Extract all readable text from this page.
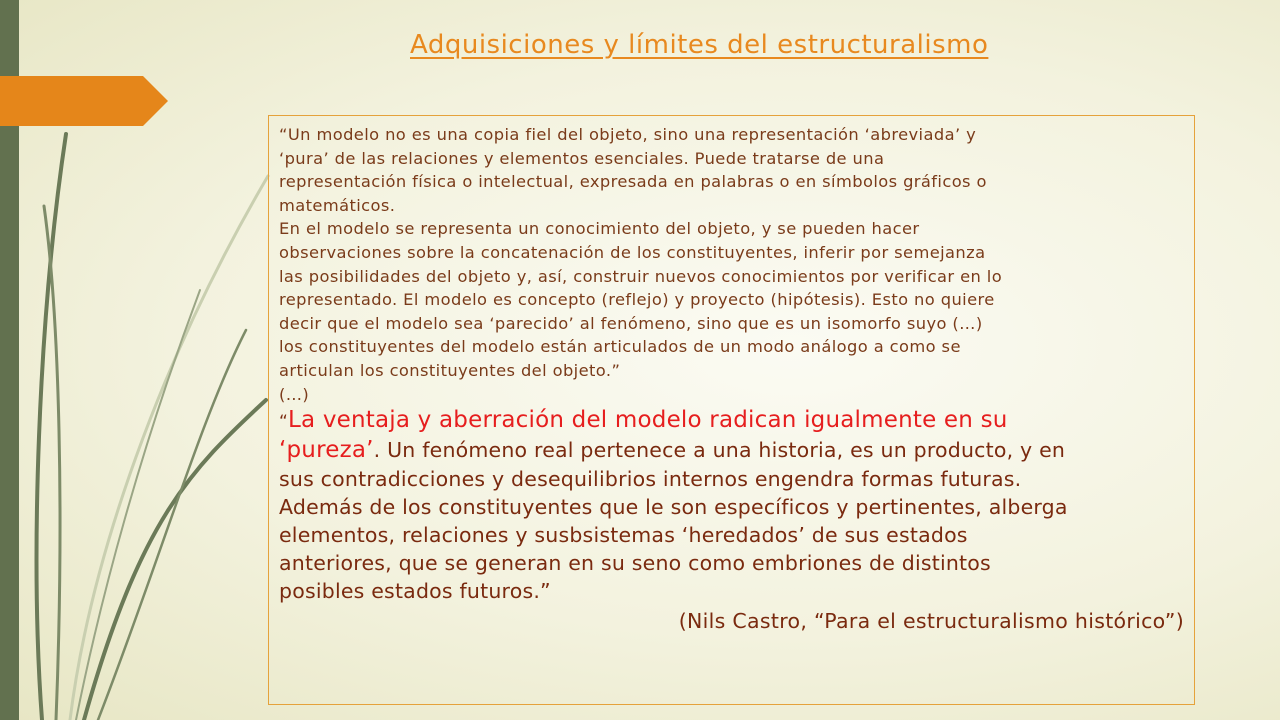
Adquisiciones y límites del estructuralismo

“Un modelo no es una copia fiel del objeto, sino una representación ‘abreviada’ y
‘pura’ de las relaciones y elementos esenciales. Puede tratarse de una
representación física o intelectual, expresada en palabras o en símbolos gráficos o
matemáticos.
En el modelo se representa un conocimiento del objeto, y se pueden hacer
observaciones sobre la concatenación de los constituyentes, inferir por semejanza
las posibilidades del objeto y, así, construir nuevos conocimientos por verificar en lo
representado. El modelo es concepto (reflejo) y proyecto (hipótesis). Esto no quiere
decir que el modelo sea ‘parecido’ al fenómeno, sino que es un isomorfo suyo (…)
los constituyentes del modelo están articulados de un modo análogo a como se
articulan los constituyentes del objeto.”
(…)

“La ventaja y aberración del modelo radican igualmente en su
‘pureza’. Un fenómeno real pertenece a una historia, es un producto, y en
sus contradicciones y desequilibrios internos engendra formas futuras.
Además de los constituyentes que le son específicos y pertinentes, alberga
elementos, relaciones y susbsistemas ‘heredados’ de sus estados
anteriores, que se generan en su seno como embriones de distintos
posibles estados futuros.”

(Nils Castro, “Para el estructuralismo histórico”)
